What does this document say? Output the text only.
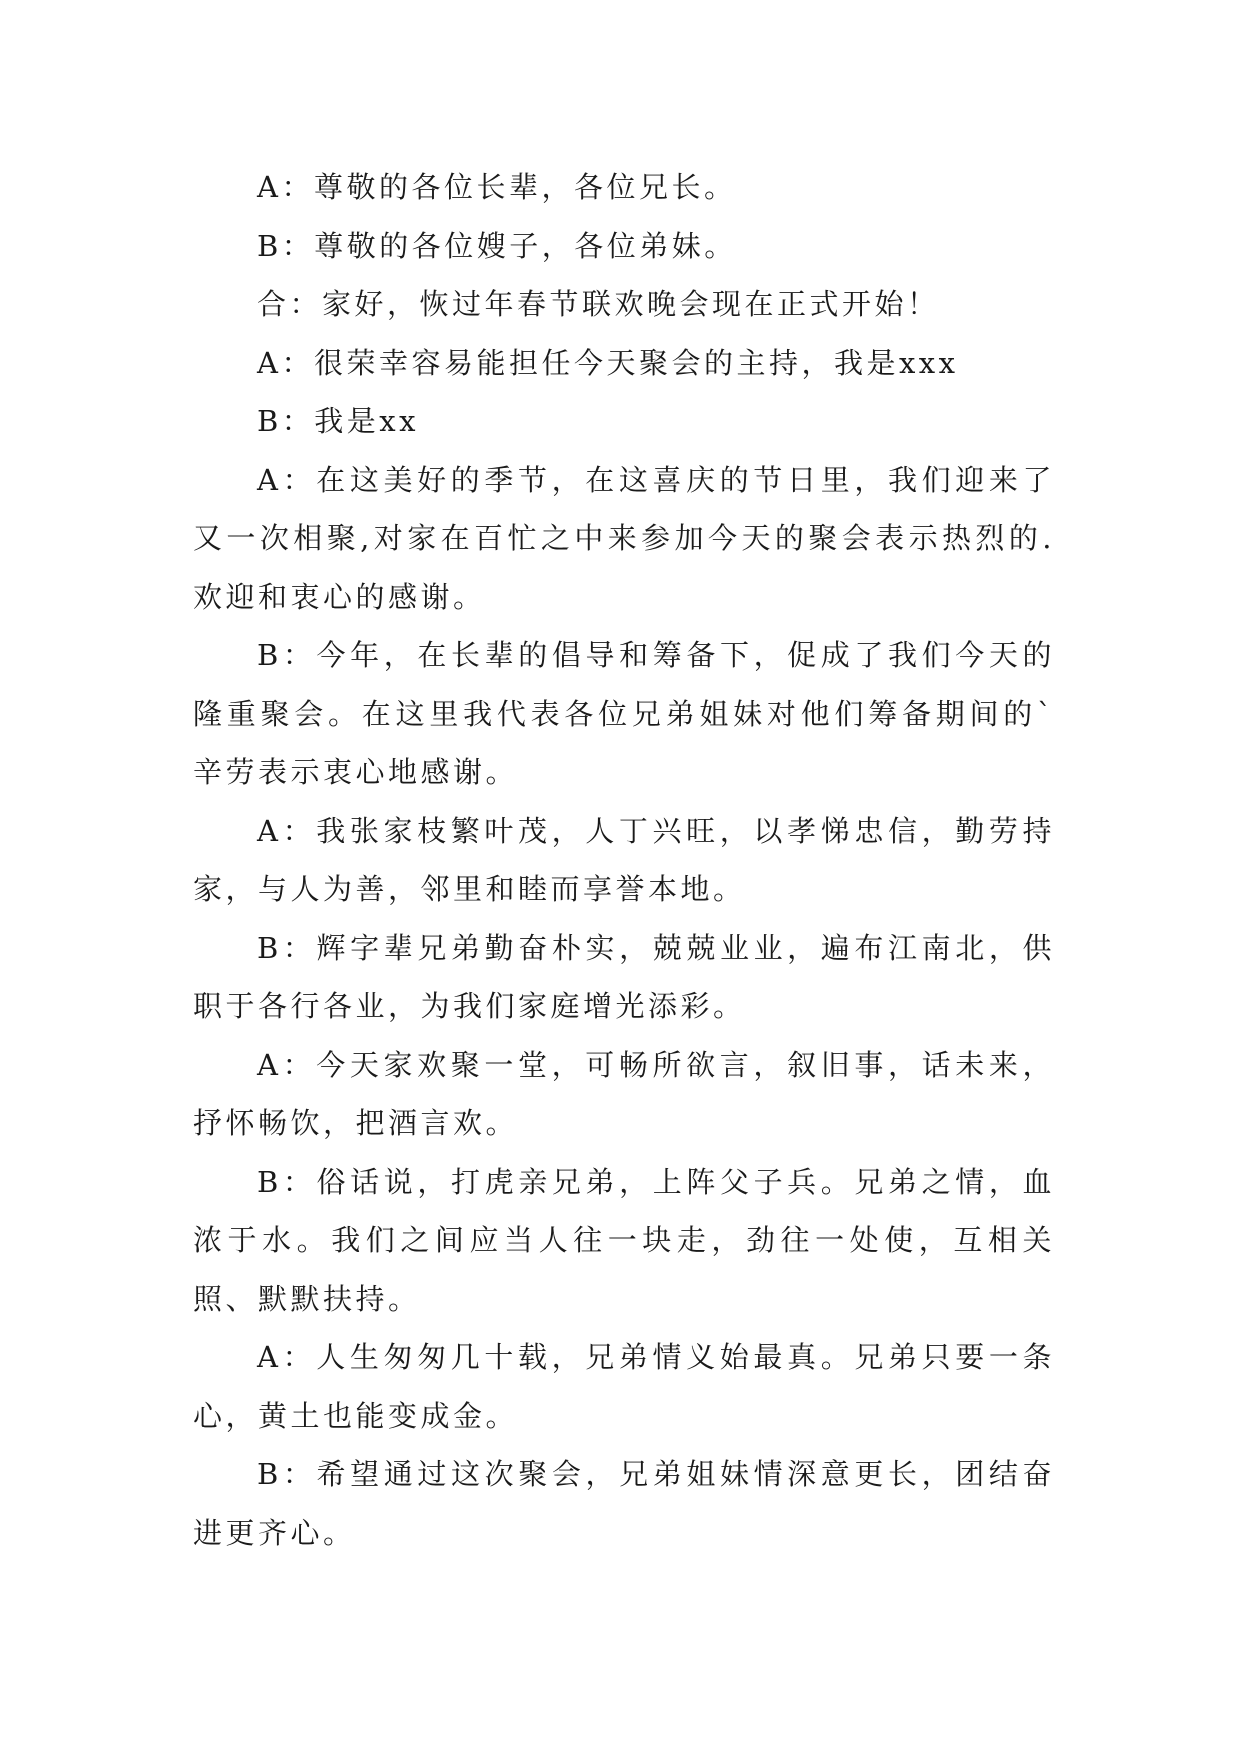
A：尊敬的各位长辈，各位兄长。

B：尊敬的各位嫂子，各位弟妹。

合：家好，恢过年春节联欢晚会现在正式开始！

A：很荣幸容易能担任今天聚会的主持，我是xxx

B：我是xx

A：在这美好的季节，在这喜庆的节日里，我们迎来了又一次相聚,对家在百忙之中来参加今天的聚会表示热烈的.欢迎和衷心的感谢。

B：今年，在长辈的倡导和筹备下，促成了我们今天的隆重聚会。在这里我代表各位兄弟姐妹对他们筹备期间的`辛劳表示衷心地感谢。

A：我张家枝繁叶茂，人丁兴旺，以孝悌忠信，勤劳持家，与人为善，邻里和睦而享誉本地。

B：辉字辈兄弟勤奋朴实，兢兢业业，遍布江南北，供职于各行各业，为我们家庭增光添彩。

A：今天家欢聚一堂，可畅所欲言，叙旧事，话未来，抒怀畅饮，把酒言欢。

B：俗话说，打虎亲兄弟，上阵父子兵。兄弟之情，血浓于水。我们之间应当人往一块走，劲往一处使，互相关照、默默扶持。

A：人生匆匆几十载，兄弟情义始最真。兄弟只要一条心，黄土也能变成金。

B：希望通过这次聚会，兄弟姐妹情深意更长，团结奋进更齐心。
